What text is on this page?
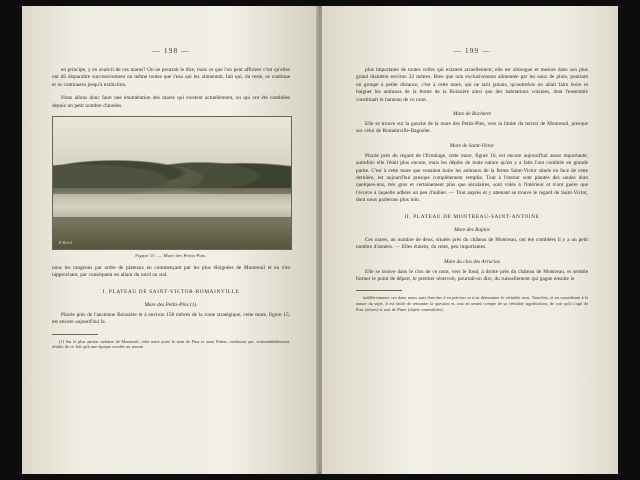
— 198 —

en principe, y en avait-il de ces mares? On ne pourrait le dire, mais ce que l'on peut affirmer c'est qu'elles ont dû disparaître successivement ou même toutes que l'eau qui les alimentait, fait qui, du reste, se continue et se continuera jusqu'à extinction.

Nous allons donc faire une énumération des mares qui existent actuellement, ou qui ont été comblées depuis un petit nombre d'années.

P. Revel
Figure 15. — Mare des Petits-Pins.

nous les rangeons par ordre de plateaux en commençant par les plus éloignées de Montreuil et en s'en rapprochant, par conséquent en allant du nord au sud.

I. PLATEAU DE SAINT-VICTOR-ROMAINVILLE
Mare des Petits-Pins (1).

Placée près de l'ancienne Boissière et à environ 150 mètres de la route stratégique, cette mare, figure 15, est encore aujourd'hui la

(1) Sur le plus ancien cadastre de Montreuil, cette mare porte le nom de Pina et aussi Pnéna, confusion qui, vraisemblablement, résulte de ce fait qu'à une époque reculée un terrain

— 199 —

plus importante de toutes celles qui existent actuellement; elle est oblongue et mesure dans son plus grand diamètre environ 22 mètres. Bien que non exclusivement alimentée par les eaux de pluie, pourtant un groupe à petite distance, c'est à cette mare, qui ne tarit jamais, qu'autrefois on allait faire boire et baigner les animaux de la ferme de la Boissière ainsi que des habitations voisines, dont l'ensemble constituait le hameau de ce nom.

Mare de Bocheret

Elle se trouve sur la gauche de la mare des Petits-Pins, vers la limite du terroir de Montreuil, presque sur celui de Romainville-Bagnolet.

Mare de Saint-Victor

Placée près du regard de l'Ermitage, cette mare, figure 16, est encore aujourd'hui assez importante; autrefois elle l'était plus encore, mais les dépôts de toute nature qu'on y a faits l'ont comblée en grande partie. C'est à cette mare que venaient boire les animaux de la ferme Saint-Victor située en face de cette dernière, est aujourd'hui presque complètement remplie. Tout à l'entour sont plantés des saules dont quelques-uns, très gros et certainement plus que séculaires, sont vidés à l'intérieur et n'ont guère que l'écorce à laquelle adhère un peu d'aubier. — Tout auprès et y attenant se trouve le regard de Saint-Victor, dont nous parlerons plus loin.

II. PLATEAU DE MONTREAU-SAINT-ANTOINE
Mare des Rapins

Ces mares, au nombre de deux, situées près du château de Montreau, ont été comblées il y a un petit nombre d'années. — Elles étaient, du reste, peu importantes.

Mare du clos des Arracias

Elle se trouve dans le clos de ce nom, vers le fond, à droite près du château de Montreau, et semble former le point de départ, le premier réservoir, pourrait-on dire, du ruissellement qui gagne ensuite le

indifféremment ces deux noms sans chercher à en préciser ni à en déterminer le véritable sens. Toutefois, et en considérant à la nature du sujet, il est facile de remonter la question et, tout en tenant compte de sa véritable signification, de voir qu'il s'agit de Pins (arbres) et non de Pines (objets comestibles).
